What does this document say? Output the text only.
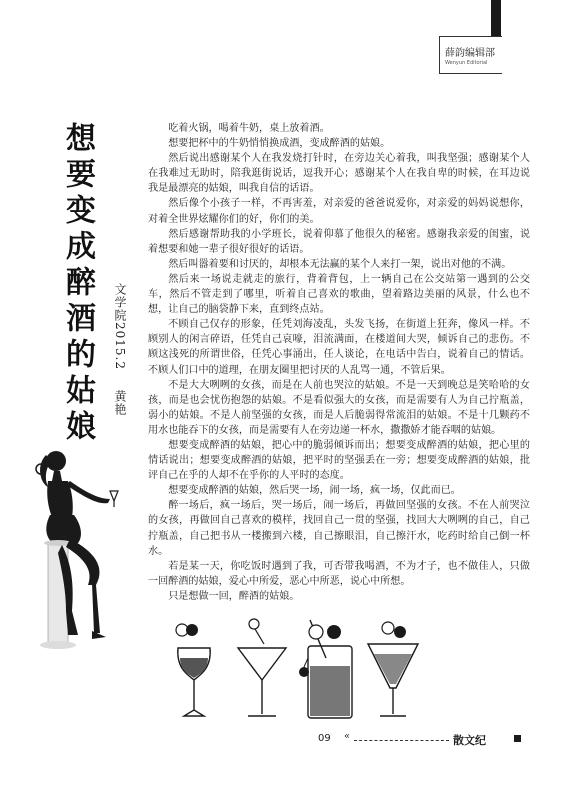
薛韵编辑部
Wenyun Editorial
想要变成醉酒的姑娘 文学院2015.2黄艳

吃着火锅，喝着牛奶，桌上放着酒。

想要把杯中的牛奶悄悄换成酒，变成醉酒的姑娘。

然后说出感谢某个人在我发烧打针时，在旁边关心着我，叫我坚强；感谢某个人在我难过无助时，陪我逛街说话，逗我开心；感谢某个人在我自卑的时候，在耳边说我是最漂亮的姑娘，叫我自信的话语。

然后像个小孩子一样，不再害羞，对亲爱的爸爸说爱你，对亲爱的妈妈说想你，对着全世界炫耀你们的好，你们的美。

然后感谢帮助我的小学班长，说着仰慕了他很久的秘密。感谢我亲爱的闺蜜，说着想要和她一辈子很好很好的话语。

然后叫嚣着要和讨厌的，却根本无法赢的某个人来打一架，说出对他的不满。

然后来一场说走就走的旅行，背着背包，上一辆自己在公交站第一遇到的公交车，然后不管走到了哪里，听着自己喜欢的歌曲，望着路边美丽的风景，什么也不想，让自己的脑袋静下来，直到终点站。

不顾自己仅存的形象，任凭刘海凌乱，头发飞扬，在街道上狂奔，像风一样。不顾别人的闲言碎语，任凭自己哀嚎，泪流满面，在楼道间大哭，倾诉自己的悲伤。不顾这浅死的所谓世俗，任凭心事涌出，任人谈论，在电话中告白，说着自己的情话。不顾人们口中的道理，在朋友圈里把讨厌的人乱骂一通，不管后果。

不是大大咧咧的女孩，而是在人前也哭泣的姑娘。不是一天到晚总是笑哈哈的女孩，而是也会忧伤抱怨的姑娘。不是看似强大的女孩，而是需要有人为自己拧瓶盖，弱小的姑娘。不是人前坚强的女孩，而是人后脆弱得常流泪的姑娘。不是十几颗药不用水也能吞下的女孩，而是需要有人在旁边递一杯水，撒撒娇才能吞咽的姑娘。

想要变成醉酒的姑娘，把心中的脆弱倾诉而出；想要变成醉酒的姑娘，把心里的情话说出；想要变成醉酒的姑娘，把平时的坚强丢在一旁；想要变成醉酒的姑娘，批评自己在乎的人却不在乎你的人平时的态度。

想要变成醉酒的姑娘，然后哭一场，闹一场，疯一场，仅此而已。

醉一场后，疯一场后，哭一场后，闹一场后，再做回坚强的女孩。不在人前哭泣的女孩，再做回自己喜欢的模样，找回自己一贯的坚强，找回大大咧咧的自己，自己拧瓶盖，自己把书从一楼搬到六楼，自己擦眼泪，自己擦汗水，吃药时给自己倒一杯水。

若是某一天，你吃饭时遇到了我，可否带我喝酒，不为才子，也不做佳人，只做一回醉酒的姑娘，爱心中所爱，恶心中所恶，说心中所想。

只是想做一回，醉酒的姑娘。

09 «	散文纪
